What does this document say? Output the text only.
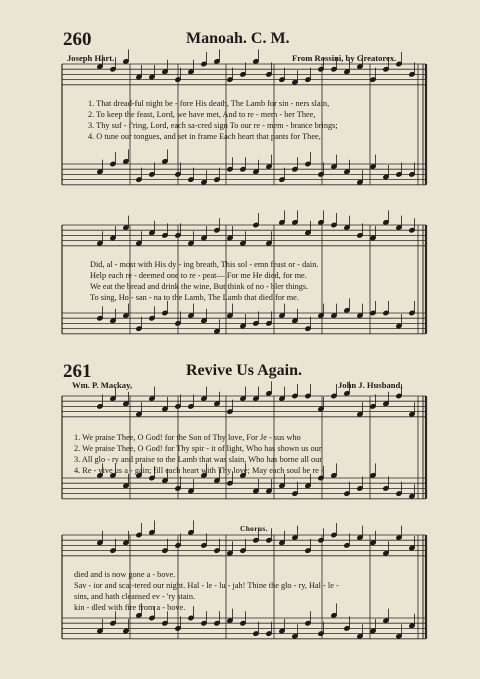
260	Manoah. C. M.
Joseph Hart.	From Rossini, by Greatorex.
1. That dread-ful night be - fore His death, The Lamb for sin - ners slain,
2. To keep the feast, Lord, we have met, And to re - mem - ber Thee,
3. Thy suf - f'ring, Lord, each sa-cred sign To our re - mem - brance brings;
4. O tune our tongues, and set in frame Each heart that pants for Thee,
Did, al - most with His dy - ing breath, This sol - emn feast or - dain.
Help each re - deemed one to re - peat— For me He died, for me.
We eat the bread and drink the wine, But think of no - bler things.
To sing, Ho - san - na to the Lamb, The Lamb that died for me.
261	Revive Us Again.
Wm. P. Mackay,	John J. Husband,
1. We praise Thee, O God! for the Son of Thy love, For Je - sus who
2. We praise Thee, O God! for Thy spir - it of light, Who has shown us our
3. All glo - ry and praise to the Lamb that was slain, Who has borne all our
4. Re - vive us a - gain; fill each heart with Thy love; May each soul be re -
Chorus.
died and is now gone a - bove.
Sav - ior and scat-tered our night. Hal - le - lu - jah! Thine the glo - ry, Hal - le -
sins, and hath cleansed ev - 'ry stain.
kin - dled with fire from a - bove.
